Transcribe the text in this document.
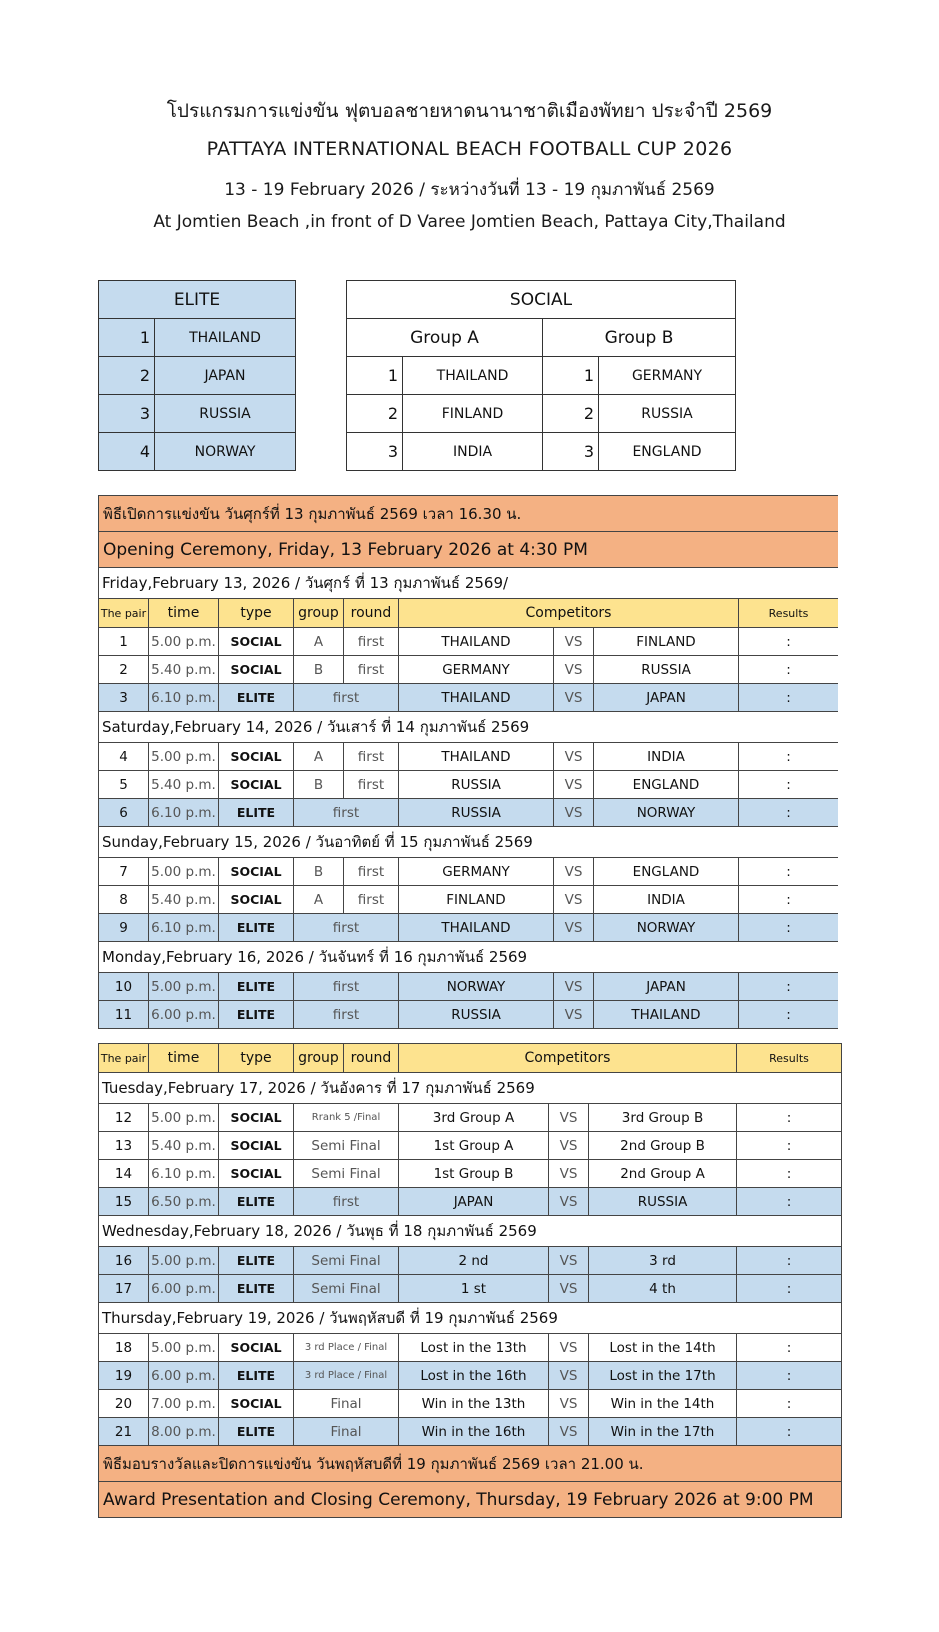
โปรแกรมการแข่งขัน ฟุตบอลชายหาดนานาชาติเมืองพัทยา ประจำปี 2569
PATTAYA INTERNATIONAL BEACH FOOTBALL CUP 2026
13 - 19 February 2026 / ระหว่างวันที่ 13 - 19 กุมภาพันธ์ 2569
At Jomtien Beach ,in front of D Varee Jomtien Beach, Pattaya City,Thailand
ELITE	
1	THAILAND
2	JAPAN
3	RUSSIA
4	NORWAY
SOCIAL			
Group A		Group B	
1	THAILAND	1	GERMANY
2	FINLAND	2	RUSSIA
3	INDIA	3	ENGLAND
พิธีเปิดการแข่งขัน วันศุกร์ที่ 13 กุมภาพันธ์ 2569 เวลา 16.30 น.								
Opening Ceremony, Friday, 13 February 2026 at 4:30 PM								
Friday,February 13, 2026 / วันศุกร์ ที่ 13 กุมภาพันธ์ 2569/								
The pair	time	type	group	round	Competitors			Results
1	5.00 p.m.	SOCIAL	A	first	THAILAND	VS	FINLAND	:
2	5.40 p.m.	SOCIAL	B	first	GERMANY	VS	RUSSIA	:
3	6.10 p.m.	ELITE	first		THAILAND	VS	JAPAN	:
Saturday,February 14, 2026 / วันเสาร์ ที่ 14 กุมภาพันธ์ 2569								
4	5.00 p.m.	SOCIAL	A	first	THAILAND	VS	INDIA	:
5	5.40 p.m.	SOCIAL	B	first	RUSSIA	VS	ENGLAND	:
6	6.10 p.m.	ELITE	first		RUSSIA	VS	NORWAY	:
Sunday,February 15, 2026 / วันอาทิตย์ ที่ 15 กุมภาพันธ์ 2569								
7	5.00 p.m.	SOCIAL	B	first	GERMANY	VS	ENGLAND	:
8	5.40 p.m.	SOCIAL	A	first	FINLAND	VS	INDIA	:
9	6.10 p.m.	ELITE	first		THAILAND	VS	NORWAY	:
Monday,February 16, 2026 / วันจันทร์ ที่ 16 กุมภาพันธ์ 2569								
10	5.00 p.m.	ELITE	first		NORWAY	VS	JAPAN	:
11	6.00 p.m.	ELITE	first		RUSSIA	VS	THAILAND	:
The pair	time	type	group	round	Competitors			Results
Tuesday,February 17, 2026 / วันอังคาร ที่ 17 กุมภาพันธ์ 2569								
12	5.00 p.m.	SOCIAL	Rrank 5 /Final		3rd Group A	VS	3rd Group B	:
13	5.40 p.m.	SOCIAL	Semi Final		1st Group A	VS	2nd Group B	:
14	6.10 p.m.	SOCIAL	Semi Final		1st Group B	VS	2nd Group A	:
15	6.50 p.m.	ELITE	first		JAPAN	VS	RUSSIA	:
Wednesday,February 18, 2026 / วันพุธ ที่ 18 กุมภาพันธ์ 2569								
16	5.00 p.m.	ELITE	Semi Final		2 nd	VS	3 rd	:
17	6.00 p.m.	ELITE	Semi Final		1 st	VS	4 th	:
Thursday,February 19, 2026 / วันพฤหัสบดี ที่ 19 กุมภาพันธ์ 2569								
18	5.00 p.m.	SOCIAL	3 rd Place / Final		Lost in the 13th	VS	Lost in the 14th	:
19	6.00 p.m.	ELITE	3 rd Place / Final		Lost in the 16th	VS	Lost in the 17th	:
20	7.00 p.m.	SOCIAL	Final		Win in the 13th	VS	Win in the 14th	:
21	8.00 p.m.	ELITE	Final		Win in the 16th	VS	Win in the 17th	:
พิธีมอบรางวัลและปิดการแข่งขัน วันพฤหัสบดีที่ 19 กุมภาพันธ์ 2569 เวลา 21.00 น.								
Award Presentation and Closing Ceremony, Thursday, 19 February 2026 at 9:00 PM								
